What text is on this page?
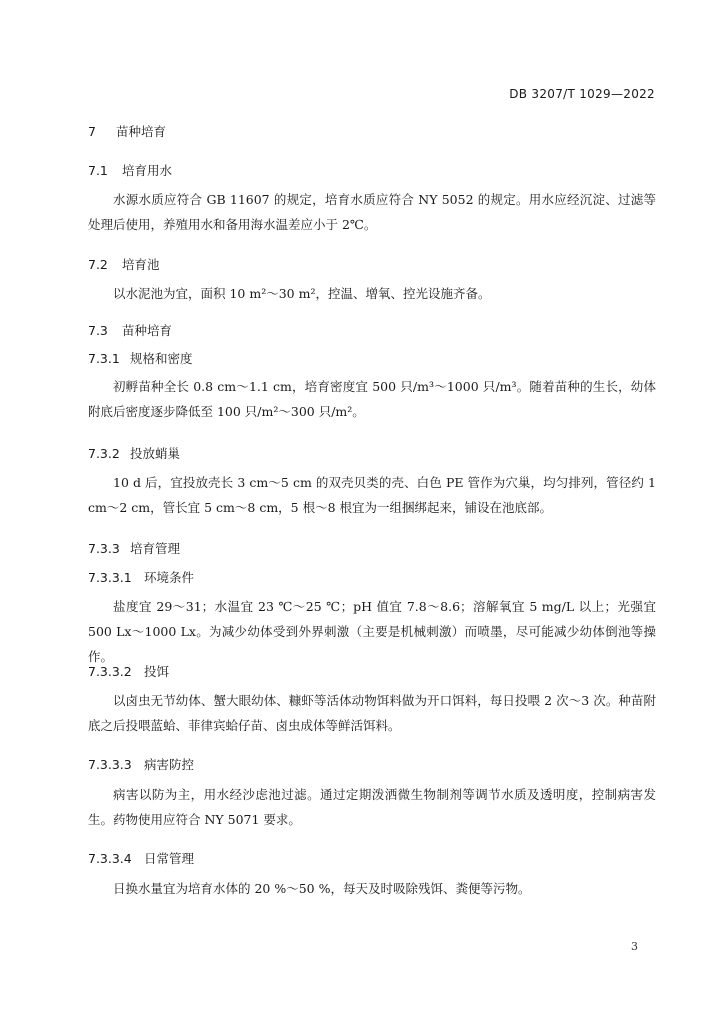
DB 3207/T 1029—2022
7 苗种培育
7.1 培育用水
水源水质应符合 GB 11607 的规定，培育水质应符合 NY 5052 的规定。用水应经沉淀、过滤等处理后使用，养殖用水和备用海水温差应小于 2℃。
7.2 培育池
以水泥池为宜，面积 10 m²～30 m²，控温、增氧、控光设施齐备。
7.3 苗种培育
7.3.1 规格和密度
初孵苗种全长 0.8 cm～1.1 cm，培育密度宜 500 只/m³～1000 只/m³。随着苗种的生长，幼体附底后密度逐步降低至 100 只/m²～300 只/m²。
7.3.2 投放蛸巢
10 d 后，宜投放壳长 3 cm～5 cm 的双壳贝类的壳、白色 PE 管作为穴巢，均匀排列，管径约 1 cm～2 cm，管长宜 5 cm～8 cm，5 根～8 根宜为一组捆绑起来，铺设在池底部。
7.3.3 培育管理
7.3.3.1 环境条件
盐度宜 29～31；水温宜 23 ℃～25 ℃；pH 值宜 7.8～8.6；溶解氧宜 5 mg/L 以上；光强宜 500 Lx～1000 Lx。为减少幼体受到外界刺激（主要是机械刺激）而喷墨，尽可能减少幼体倒池等操作。
7.3.3.2 投饵
以卤虫无节幼体、蟹大眼幼体、糠虾等活体动物饵料做为开口饵料，每日投喂 2 次～3 次。种苗附底之后投喂蓝蛤、菲律宾蛤仔苗、卤虫成体等鲜活饵料。
7.3.3.3 病害防控
病害以防为主，用水经沙虑池过滤。通过定期泼洒微生物制剂等调节水质及透明度，控制病害发生。药物使用应符合 NY 5071 要求。
7.3.3.4 日常管理
日换水量宜为培育水体的 20 %～50 %，每天及时吸除残饵、粪便等污物。
3
